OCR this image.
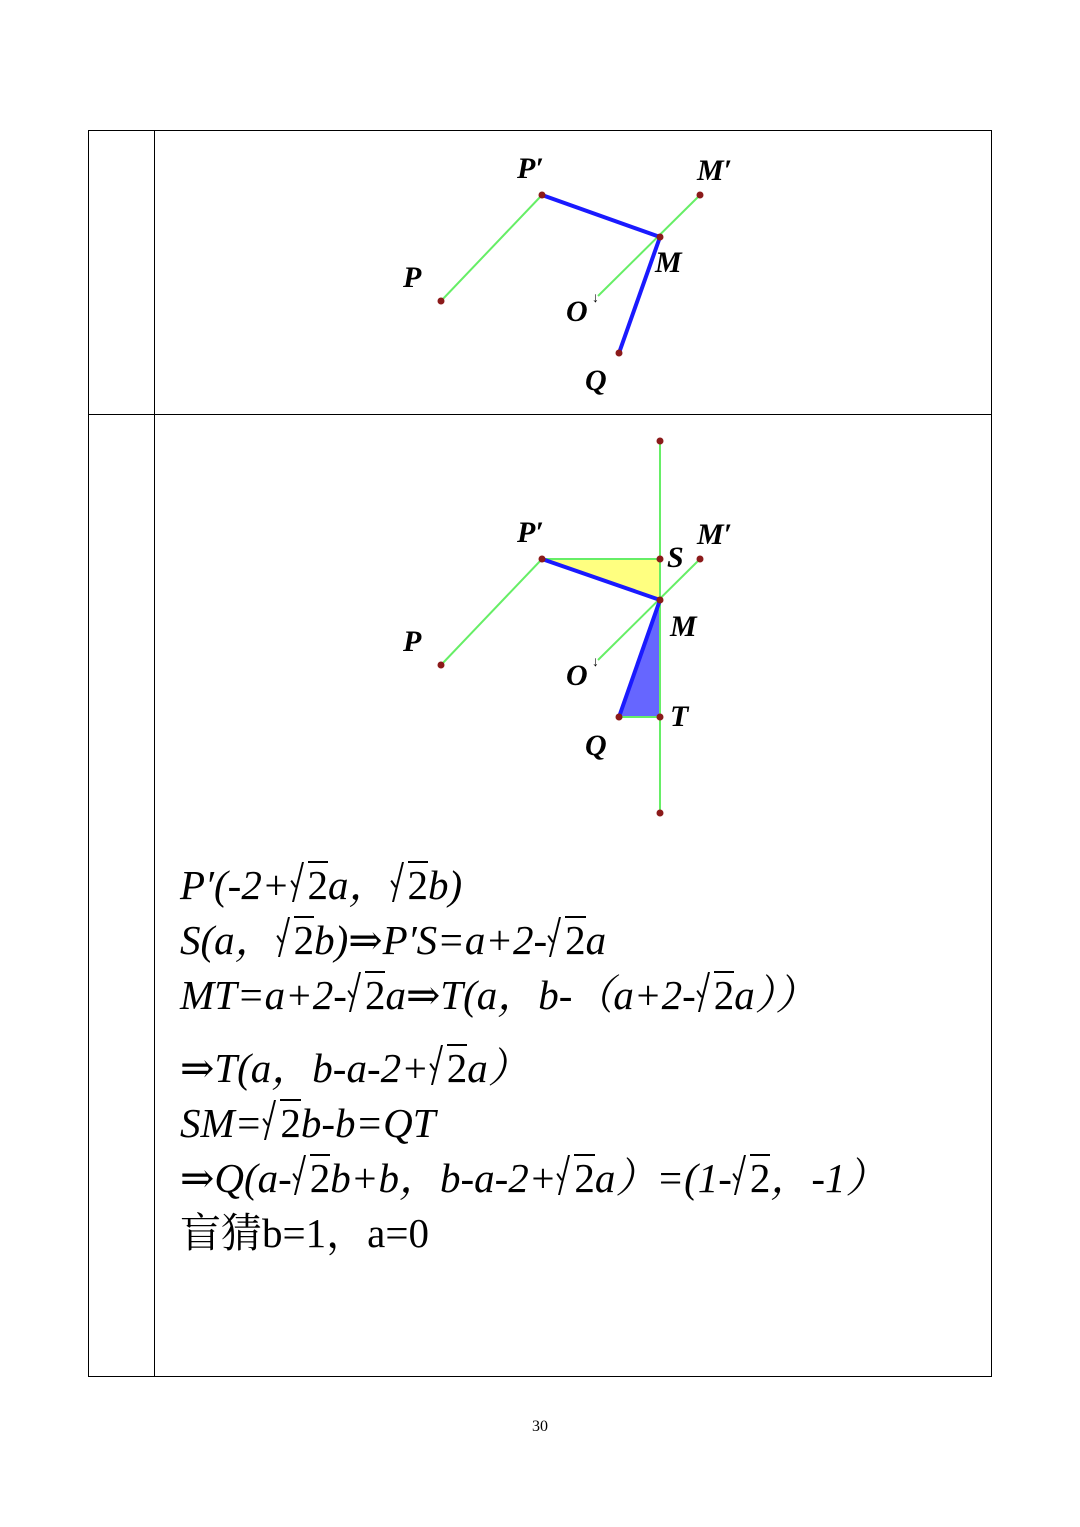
P′	M′
M
P
O ↓
Q
P′	M′
S
M
P
O ↓
T
Q
P′(-2+ 2a， 2b)
S(a， 2b)⇒P′S=a+2- 2a
MT=a+2- 2a⇒T(a，b-（a+2- 2a））
⇒T(a，b-a-2+ 2a）
SM= 2b-b=QT
⇒Q(a- 2b+b，b-a-2+ 2a）=(1- 2，-1）
盲猜b=1，a=0
30
